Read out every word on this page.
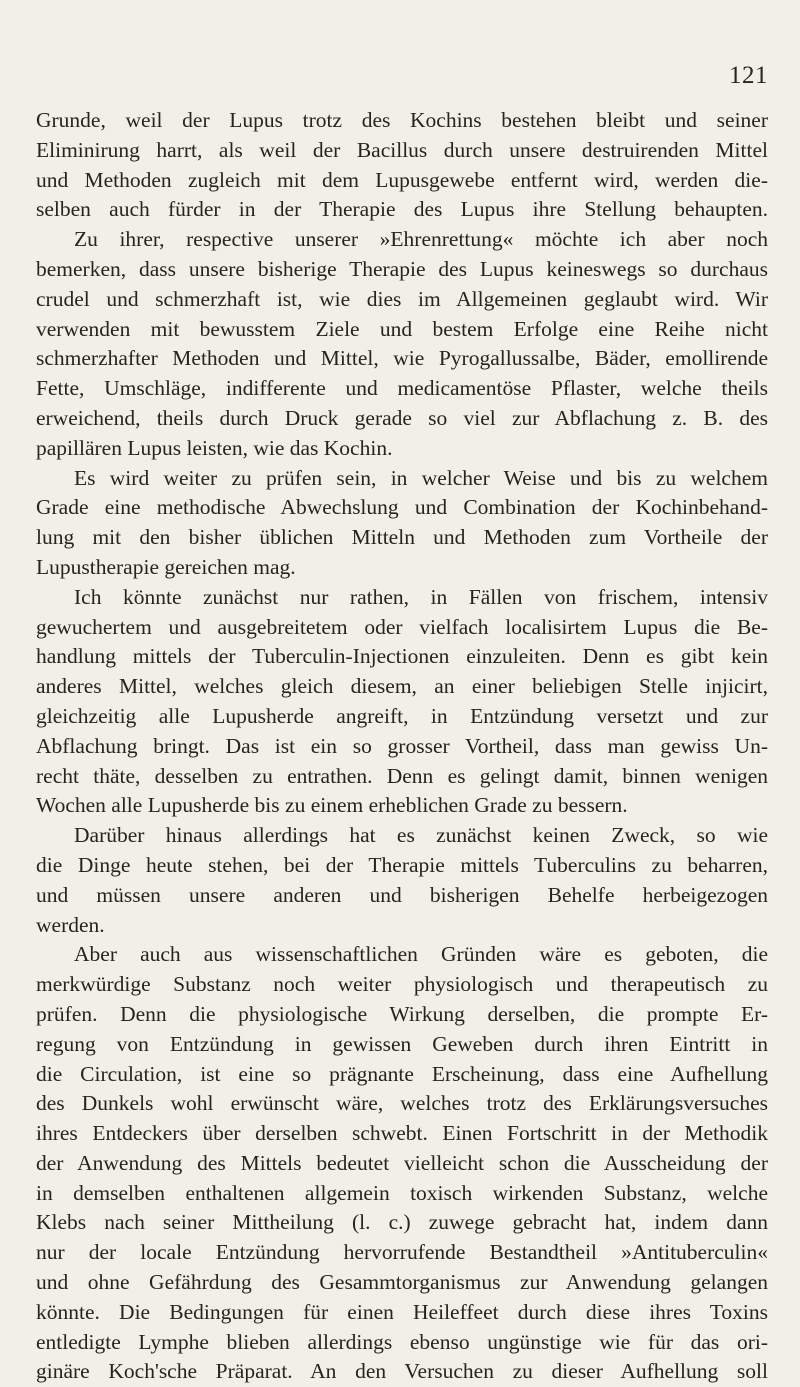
121
Grunde, weil der Lupus trotz des Kochins bestehen bleibt und seiner
Eliminirung harrt, als weil der Bacillus durch unsere destruirenden Mittel
und Methoden zugleich mit dem Lupusgewebe entfernt wird, werden die-
selben auch fürder in der Therapie des Lupus ihre Stellung behaupten.
Zu ihrer, respective unserer »Ehrenrettung« möchte ich aber noch
bemerken, dass unsere bisherige Therapie des Lupus keineswegs so durchaus
crudel und schmerzhaft ist, wie dies im Allgemeinen geglaubt wird. Wir
verwenden mit bewusstem Ziele und bestem Erfolge eine Reihe nicht
schmerzhafter Methoden und Mittel, wie Pyrogallussalbe, Bäder, emollirende
Fette, Umschläge, indifferente und medicamentöse Pflaster, welche theils
erweichend, theils durch Druck gerade so viel zur Abflachung z. B. des
papillären Lupus leisten, wie das Kochin.
Es wird weiter zu prüfen sein, in welcher Weise und bis zu welchem
Grade eine methodische Abwechslung und Combination der Kochinbehand-
lung mit den bisher üblichen Mitteln und Methoden zum Vortheile der
Lupustherapie gereichen mag.
Ich könnte zunächst nur rathen, in Fällen von frischem, intensiv
gewuchertem und ausgebreitetem oder vielfach localisirtem Lupus die Be-
handlung mittels der Tuberculin-Injectionen einzuleiten. Denn es gibt kein
anderes Mittel, welches gleich diesem, an einer beliebigen Stelle injicirt,
gleichzeitig alle Lupusherde angreift, in Entzündung versetzt und zur
Abflachung bringt. Das ist ein so grosser Vortheil, dass man gewiss Un-
recht thäte, desselben zu entrathen. Denn es gelingt damit, binnen wenigen
Wochen alle Lupusherde bis zu einem erheblichen Grade zu bessern.
Darüber hinaus allerdings hat es zunächst keinen Zweck, so wie
die Dinge heute stehen, bei der Therapie mittels Tuberculins zu beharren,
und müssen unsere anderen und bisherigen Behelfe herbeigezogen
werden.
Aber auch aus wissenschaftlichen Gründen wäre es geboten, die
merkwürdige Substanz noch weiter physiologisch und therapeutisch zu
prüfen. Denn die physiologische Wirkung derselben, die prompte Er-
regung von Entzündung in gewissen Geweben durch ihren Eintritt in
die Circulation, ist eine so prägnante Erscheinung, dass eine Aufhellung
des Dunkels wohl erwünscht wäre, welches trotz des Erklärungsversuches
ihres Entdeckers über derselben schwebt. Einen Fortschritt in der Methodik
der Anwendung des Mittels bedeutet vielleicht schon die Ausscheidung der
in demselben enthaltenen allgemein toxisch wirkenden Substanz, welche
Klebs nach seiner Mittheilung (l. c.) zuwege gebracht hat, indem dann
nur der locale Entzündung hervorrufende Bestandtheil »Antituberculin«
und ohne Gefährdung des Gesammtorganismus zur Anwendung gelangen
könnte. Die Bedingungen für einen Heileffeet durch diese ihres Toxins
entledigte Lymphe blieben allerdings ebenso ungünstige wie für das ori-
ginäre Koch'sche Präparat. An den Versuchen zu dieser Aufhellung soll
